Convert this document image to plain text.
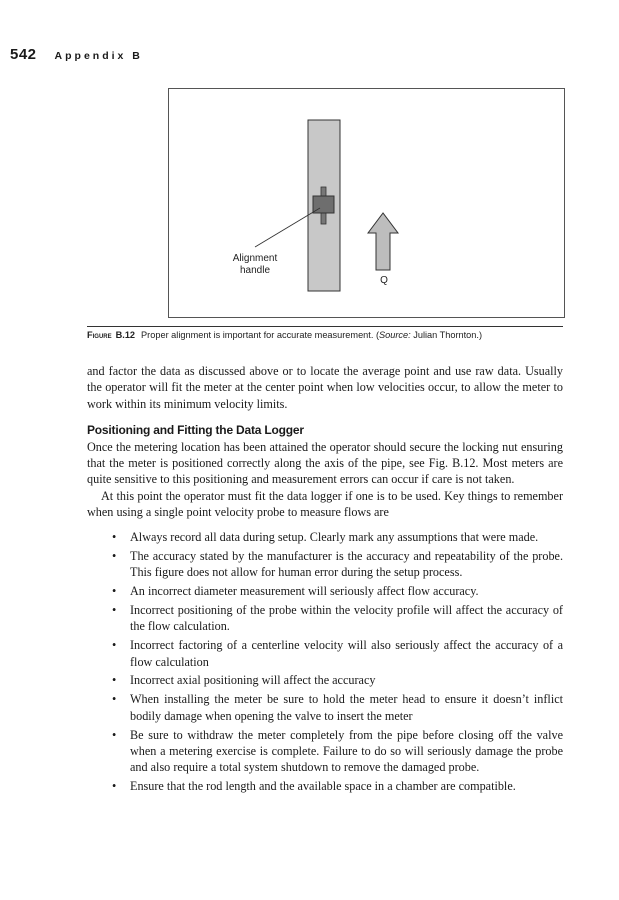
542 Appendix B
Alignment
handle
Q
Figure B.12 Proper alignment is important for accurate measurement. (Source: Julian Thornton.)

and factor the data as discussed above or to locate the average point and use raw data. Usually the operator will fit the meter at the center point when low velocities occur, to allow the meter to work within its minimum velocity limits.

Positioning and Fitting the Data Logger

Once the metering location has been attained the operator should secure the locking nut ensuring that the meter is positioned correctly along the axis of the pipe, see Fig. B.12. Most meters are quite sensitive to this positioning and measurement errors can occur if care is not taken.

At this point the operator must fit the data logger if one is to be used. Key things to remember when using a single point velocity probe to measure flows are

• Always record all data during setup. Clearly mark any assumptions that were made.
• The accuracy stated by the manufacturer is the accuracy and repeatability of the probe. This figure does not allow for human error during the setup process.
• An incorrect diameter measurement will seriously affect flow accuracy.
• Incorrect positioning of the probe within the velocity profile will affect the accuracy of the flow calculation.
• Incorrect factoring of a centerline velocity will also seriously affect the accuracy of a flow calculation
• Incorrect axial positioning will affect the accuracy
• When installing the meter be sure to hold the meter head to ensure it doesn’t inflict bodily damage when opening the valve to insert the meter
• Be sure to withdraw the meter completely from the pipe before closing off the valve when a metering exercise is complete. Failure to do so will seriously damage the probe and also require a total system shutdown to remove the damaged probe.
• Ensure that the rod length and the available space in a chamber are compatible.
